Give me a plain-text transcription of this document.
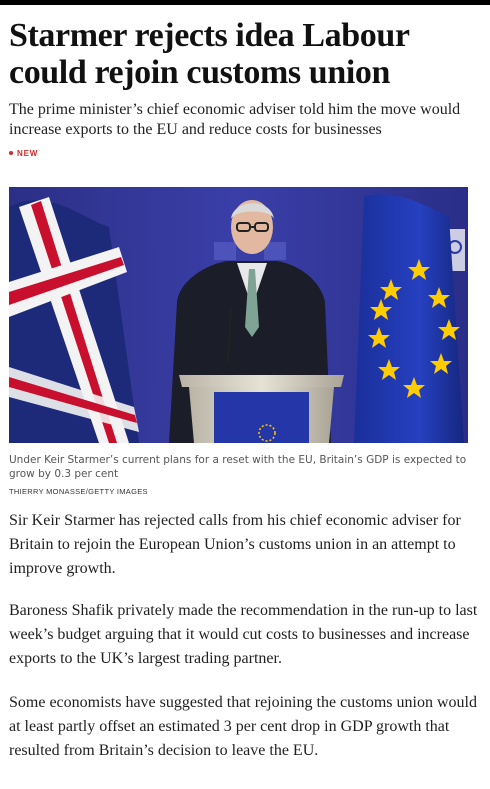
Starmer rejects idea Labour could rejoin customs union

The prime minister’s chief economic adviser told him the move would increase exports to the EU and reduce costs for businesses

NEW

Under Keir Starmer’s current plans for a reset with the EU, Britain’s GDP is expected to grow by 0.3 per cent

THIERRY MONASSE/GETTY IMAGES

Sir Keir Starmer has rejected calls from his chief economic adviser for Britain to rejoin the European Union’s customs union in an attempt to improve growth.

Baroness Shafik privately made the recommendation in the run-up to last week’s budget arguing that it would cut costs to businesses and increase exports to the UK’s largest trading partner.

Some economists have suggested that rejoining the customs union would at least partly offset an estimated 3 per cent drop in GDP growth that resulted from Britain’s decision to leave the EU.
